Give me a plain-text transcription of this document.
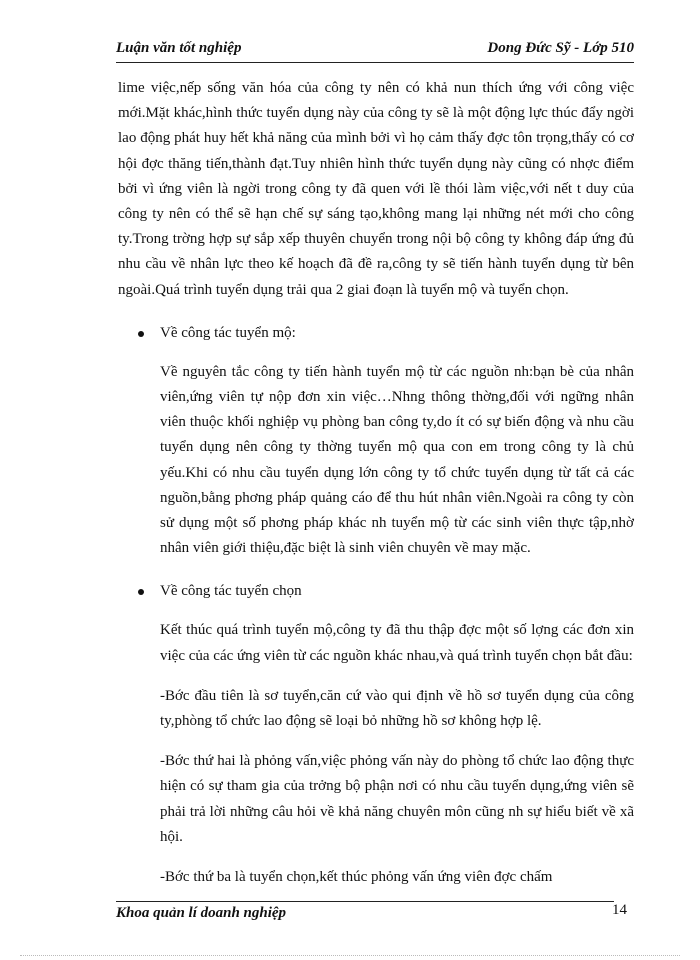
Luận văn tốt nghiệp	Dong Đức Sỹ - Lớp 510

lime việc,nếp sống văn hóa của công ty nên có khả nun thích ứng với công việc mới.Mặt khác,hình thức tuyển dụng này của công ty sẽ là một động lực thúc đẩy ngời lao động phát huy hết khả năng của mình bởi vì họ cảm thấy đợc tôn trọng,thấy có cơ hội đợc thăng tiến,thành đạt.Tuy nhiên hình thức tuyển dụng này cũng có nhợc điểm bởi vì ứng viên là ngời trong công ty đã quen với lề thói làm việc,với nết t duy của công ty nên có thể sẽ hạn chế sự sáng tạo,không mang lại những nét mới cho công ty.Trong trờng hợp sự sắp xếp thuyên chuyển trong nội bộ công ty không đáp ứng đủ nhu cầu về nhân lực theo kế hoạch đã đề ra,công ty sẽ tiến hành tuyển dụng từ bên ngoài.Quá trình tuyển dụng trải qua 2 giai đoạn là tuyển mộ và tuyển chọn.

Về công tác tuyển mộ:

Về nguyên tắc công ty tiến hành tuyển mộ từ các nguồn nh:bạn bè của nhân viên,ứng viên tự nộp đơn xin việc…Nhng thông thờng,đối với ngững nhân viên thuộc khối nghiệp vụ phòng ban công ty,do ít có sự biến động và nhu cầu tuyển dụng nên công ty thờng tuyển mộ qua con em trong công ty là chủ yếu.Khi có nhu cầu tuyển dụng lớn công ty tổ chức tuyển dụng từ tất cả các nguồn,bằng phơng pháp quảng cáo để thu hút nhân viên.Ngoài ra công ty còn sử dụng một số phơng pháp khác nh tuyển mộ từ các sinh viên thực tập,nhờ nhân viên giới thiệu,đặc biệt là sinh viên chuyên về may mặc.

Về công tác tuyển chọn

Kết thúc quá trình tuyển mộ,công ty đã thu thập đợc một số lợng các đơn xin việc của các ứng viên từ các nguồn khác nhau,và quá trình tuyển chọn bắt đầu:

-Bớc đầu tiên là sơ tuyển,căn cứ vào qui định về hồ sơ tuyển dụng của công ty,phòng tổ chức lao động sẽ loại bỏ những hồ sơ không hợp lệ.

-Bớc thứ hai là phỏng vấn,việc phỏng vấn này do phòng tổ chức lao động thực hiện có sự tham gia của trởng bộ phận nơi có nhu cầu tuyển dụng,ứng viên sẽ phải trả lời những câu hỏi về khả năng chuyên môn cũng nh sự hiểu biết về xã hội.

-Bớc thứ ba là tuyển chọn,kết thúc phỏng vấn ứng viên đợc chấm

Khoa quản lí doanh nghiệp	14
